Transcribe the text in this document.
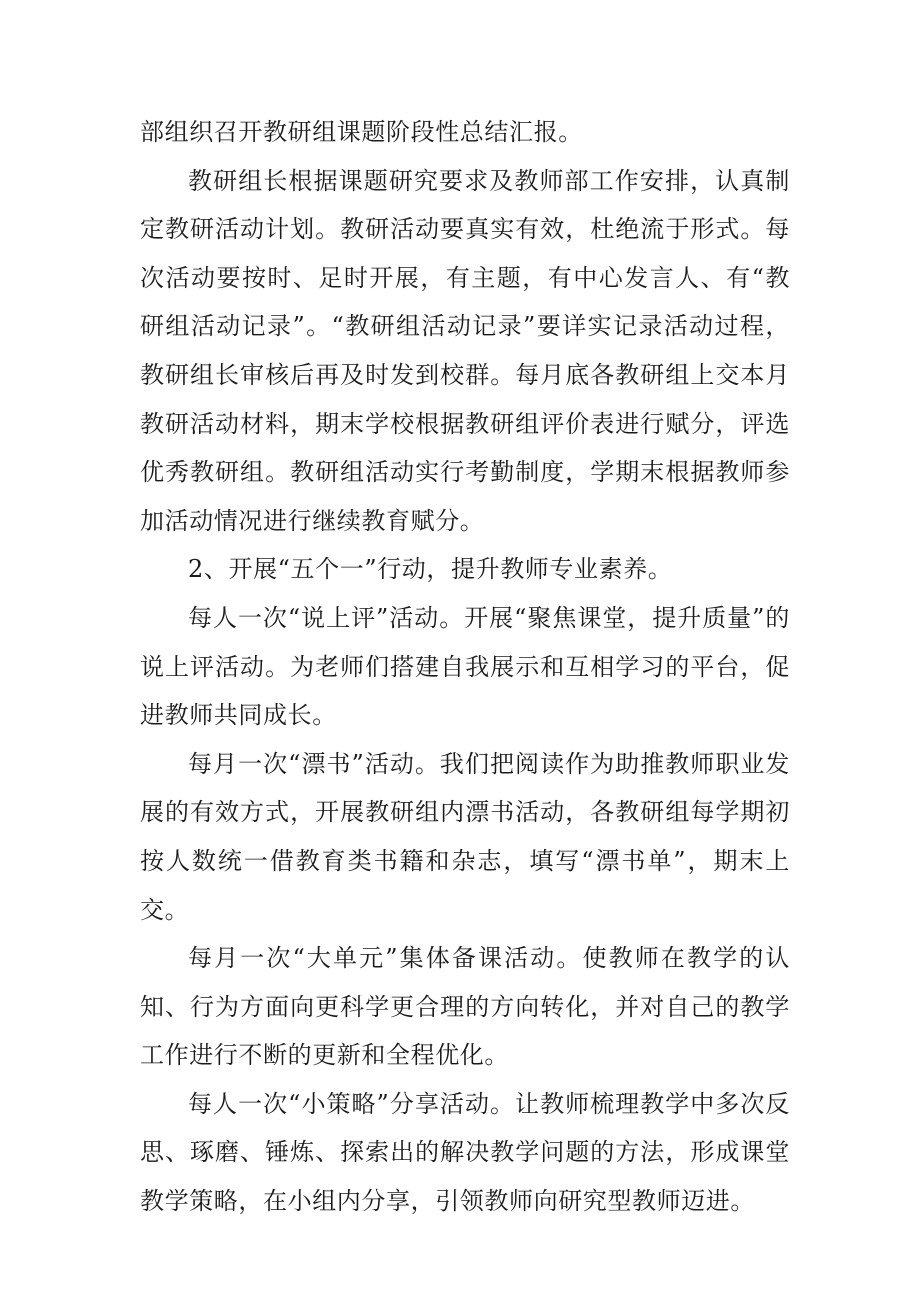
部组织召开教研组课题阶段性总结汇报。

教研组长根据课题研究要求及教师部工作安排，认真制定教研活动计划。教研活动要真实有效，杜绝流于形式。每次活动要按时、足时开展，有主题，有中心发言人、有“教研组活动记录”。“教研组活动记录”要详实记录活动过程，教研组长审核后再及时发到校群。每月底各教研组上交本月教研活动材料，期末学校根据教研组评价表进行赋分，评选优秀教研组。教研组活动实行考勤制度，学期末根据教师参加活动情况进行继续教育赋分。

2、开展“五个一”行动，提升教师专业素养。

每人一次“说上评”活动。开展“聚焦课堂，提升质量”的说上评活动。为老师们搭建自我展示和互相学习的平台，促进教师共同成长。

每月一次“漂书”活动。我们把阅读作为助推教师职业发展的有效方式，开展教研组内漂书活动，各教研组每学期初按人数统一借教育类书籍和杂志，填写“漂书单”，期末上交。

每月一次“大单元”集体备课活动。使教师在教学的认知、行为方面向更科学更合理的方向转化，并对自己的教学工作进行不断的更新和全程优化。

每人一次“小策略”分享活动。让教师梳理教学中多次反思、琢磨、锤炼、探索出的解决教学问题的方法，形成课堂教学策略，在小组内分享，引领教师向研究型教师迈进。
